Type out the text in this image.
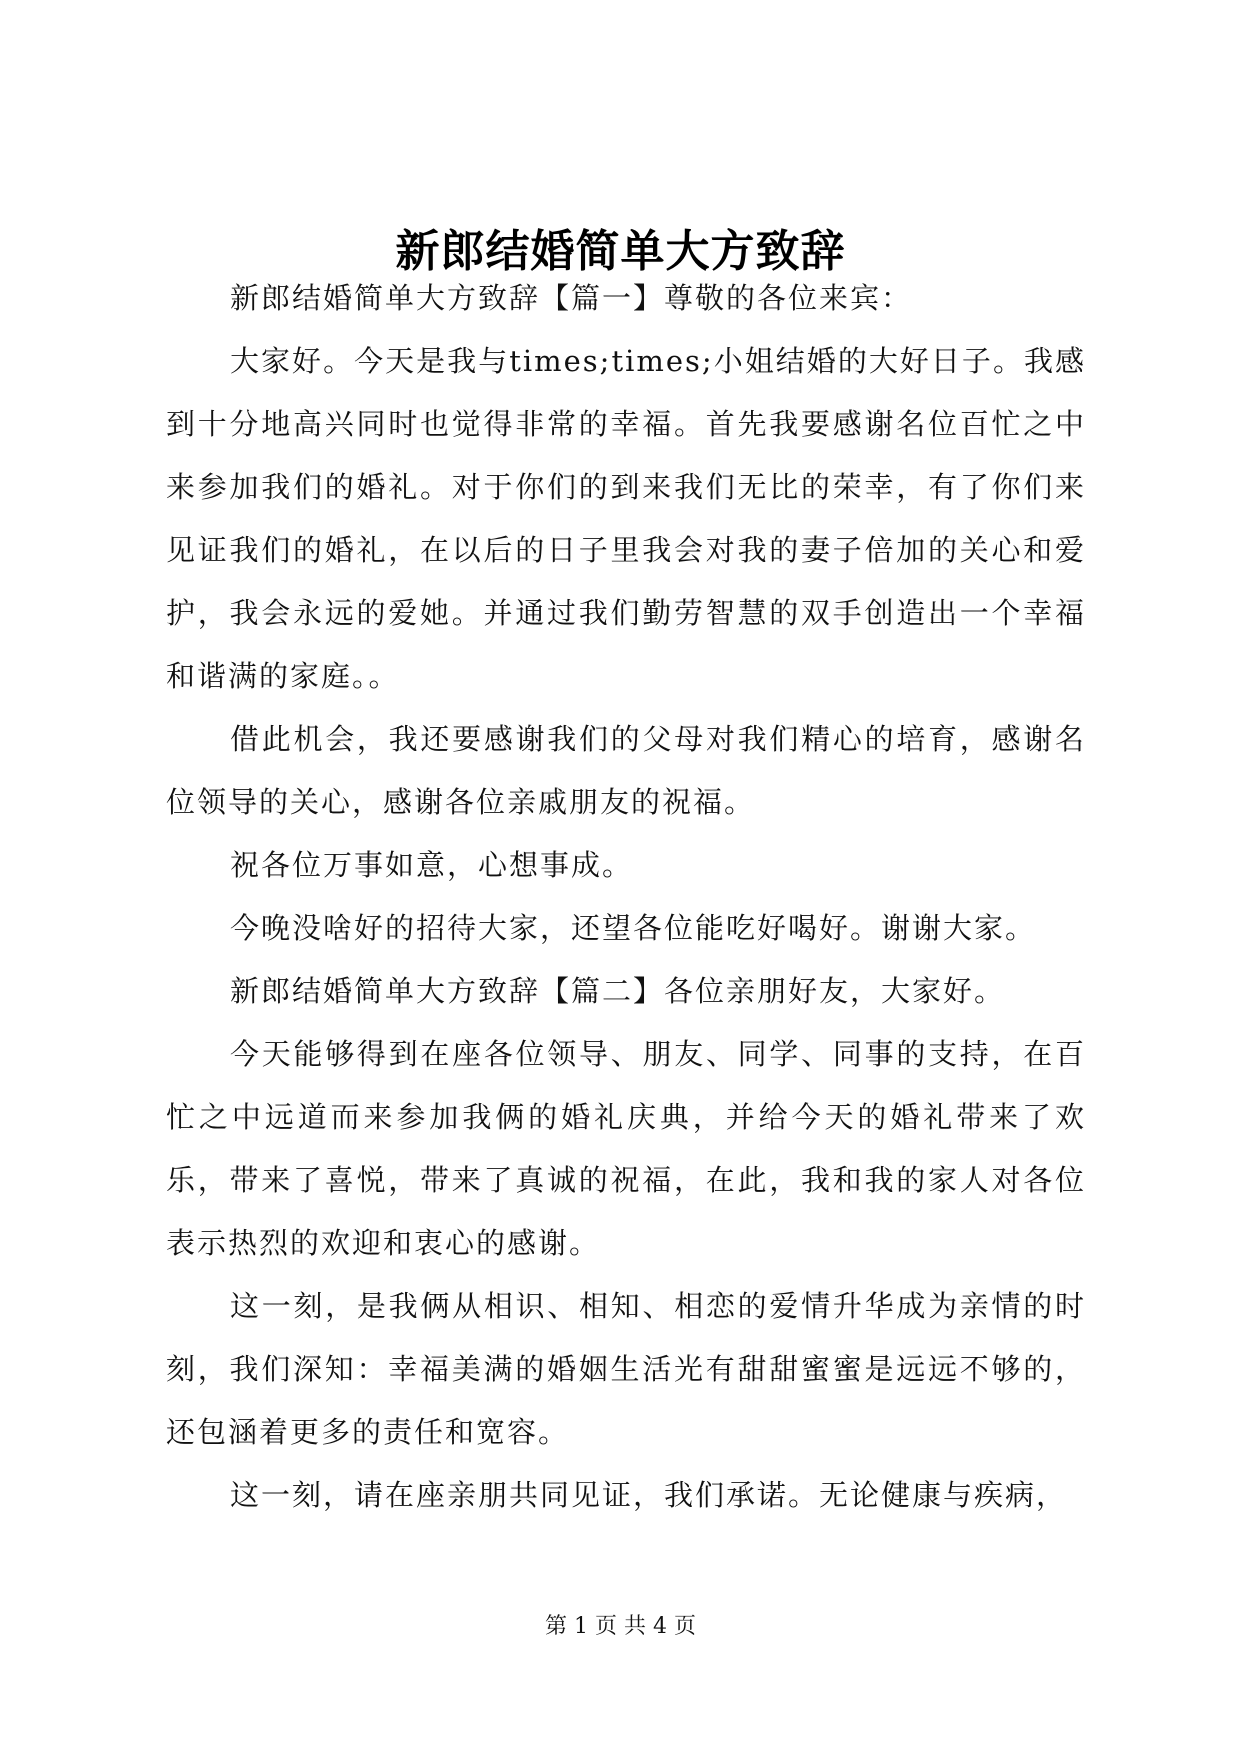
新郎结婚简单大方致辞

新郎结婚简单大方致辞【篇一】尊敬的各位来宾：

大家好。今天是我与times;times;小姐结婚的大好日子。我感到十分地高兴同时也觉得非常的幸福。首先我要感谢名位百忙之中来参加我们的婚礼。对于你们的到来我们无比的荣幸，有了你们来见证我们的婚礼，在以后的日子里我会对我的妻子倍加的关心和爱护，我会永远的爱她。并通过我们勤劳智慧的双手创造出一个幸福和谐满的家庭。。

借此机会，我还要感谢我们的父母对我们精心的培育，感谢名位领导的关心，感谢各位亲戚朋友的祝福。

祝各位万事如意，心想事成。

今晚没啥好的招待大家，还望各位能吃好喝好。谢谢大家。

新郎结婚简单大方致辞【篇二】各位亲朋好友，大家好。

今天能够得到在座各位领导、朋友、同学、同事的支持，在百忙之中远道而来参加我俩的婚礼庆典，并给今天的婚礼带来了欢乐，带来了喜悦，带来了真诚的祝福，在此，我和我的家人对各位表示热烈的欢迎和衷心的感谢。

这一刻，是我俩从相识、相知、相恋的爱情升华成为亲情的时刻，我们深知：幸福美满的婚姻生活光有甜甜蜜蜜是远远不够的，还包涵着更多的责任和宽容。

这一刻，请在座亲朋共同见证，我们承诺。无论健康与疾病，

第 1 页 共 4 页
